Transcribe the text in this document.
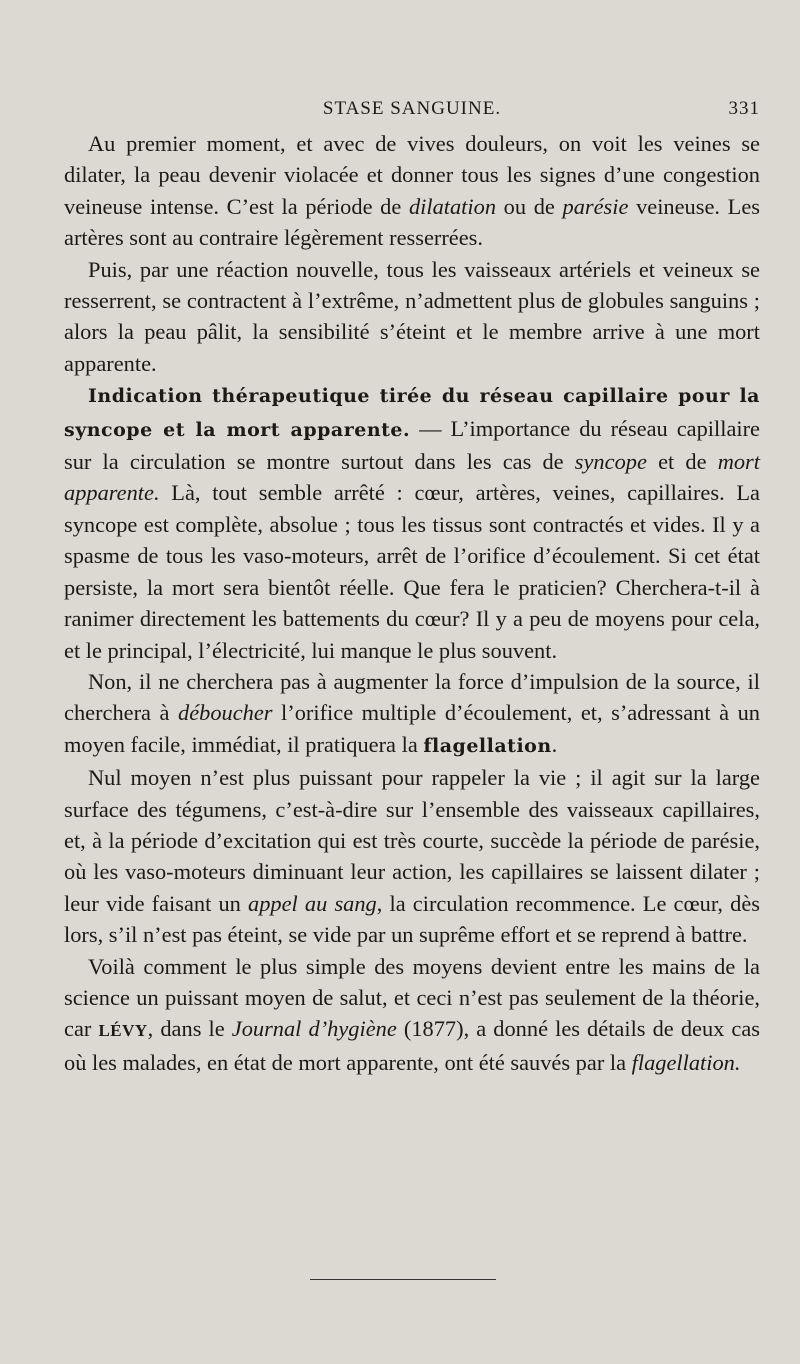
STASE SANGUINE.	331

Au premier moment, et avec de vives douleurs, on voit les veines se dilater, la peau devenir violacée et donner tous les signes d’une congestion veineuse intense. C’est la période de dilatation ou de parésie veineuse. Les artères sont au contraire légèrement resserrées.

Puis, par une réaction nouvelle, tous les vaisseaux artériels et veineux se resserrent, se contractent à l’extrême, n’admettent plus de globules sanguins ; alors la peau pâlit, la sensibilité s’éteint et le membre arrive à une mort apparente.

Indication thérapeutique tirée du réseau capillaire pour la syncope et la mort apparente. — L’importance du réseau capillaire sur la circulation se montre surtout dans les cas de syncope et de mort apparente. Là, tout semble arrêté : cœur, artères, veines, capillaires. La syncope est complète, absolue ; tous les tissus sont contractés et vides. Il y a spasme de tous les vaso-moteurs, arrêt de l’orifice d’écoulement. Si cet état persiste, la mort sera bientôt réelle. Que fera le praticien? Cherchera-t-il à ranimer directement les battements du cœur? Il y a peu de moyens pour cela, et le principal, l’électricité, lui manque le plus souvent.

Non, il ne cherchera pas à augmenter la force d’impulsion de la source, il cherchera à déboucher l’orifice multiple d’écoulement, et, s’adressant à un moyen facile, immédiat, il pratiquera la flagellation.

Nul moyen n’est plus puissant pour rappeler la vie ; il agit sur la large surface des tégumens, c’est-à-dire sur l’ensemble des vaisseaux capillaires, et, à la période d’excitation qui est très courte, succède la période de parésie, où les vaso-moteurs diminuant leur action, les capillaires se laissent dilater ; leur vide faisant un appel au sang, la circulation recommence. Le cœur, dès lors, s’il n’est pas éteint, se vide par un suprême effort et se reprend à battre.

Voilà comment le plus simple des moyens devient entre les mains de la science un puissant moyen de salut, et ceci n’est pas seulement de la théorie, car LÉVY, dans le Journal d’hygiène (1877), a donné les détails de deux cas où les malades, en état de mort apparente, ont été sauvés par la flagellation.
